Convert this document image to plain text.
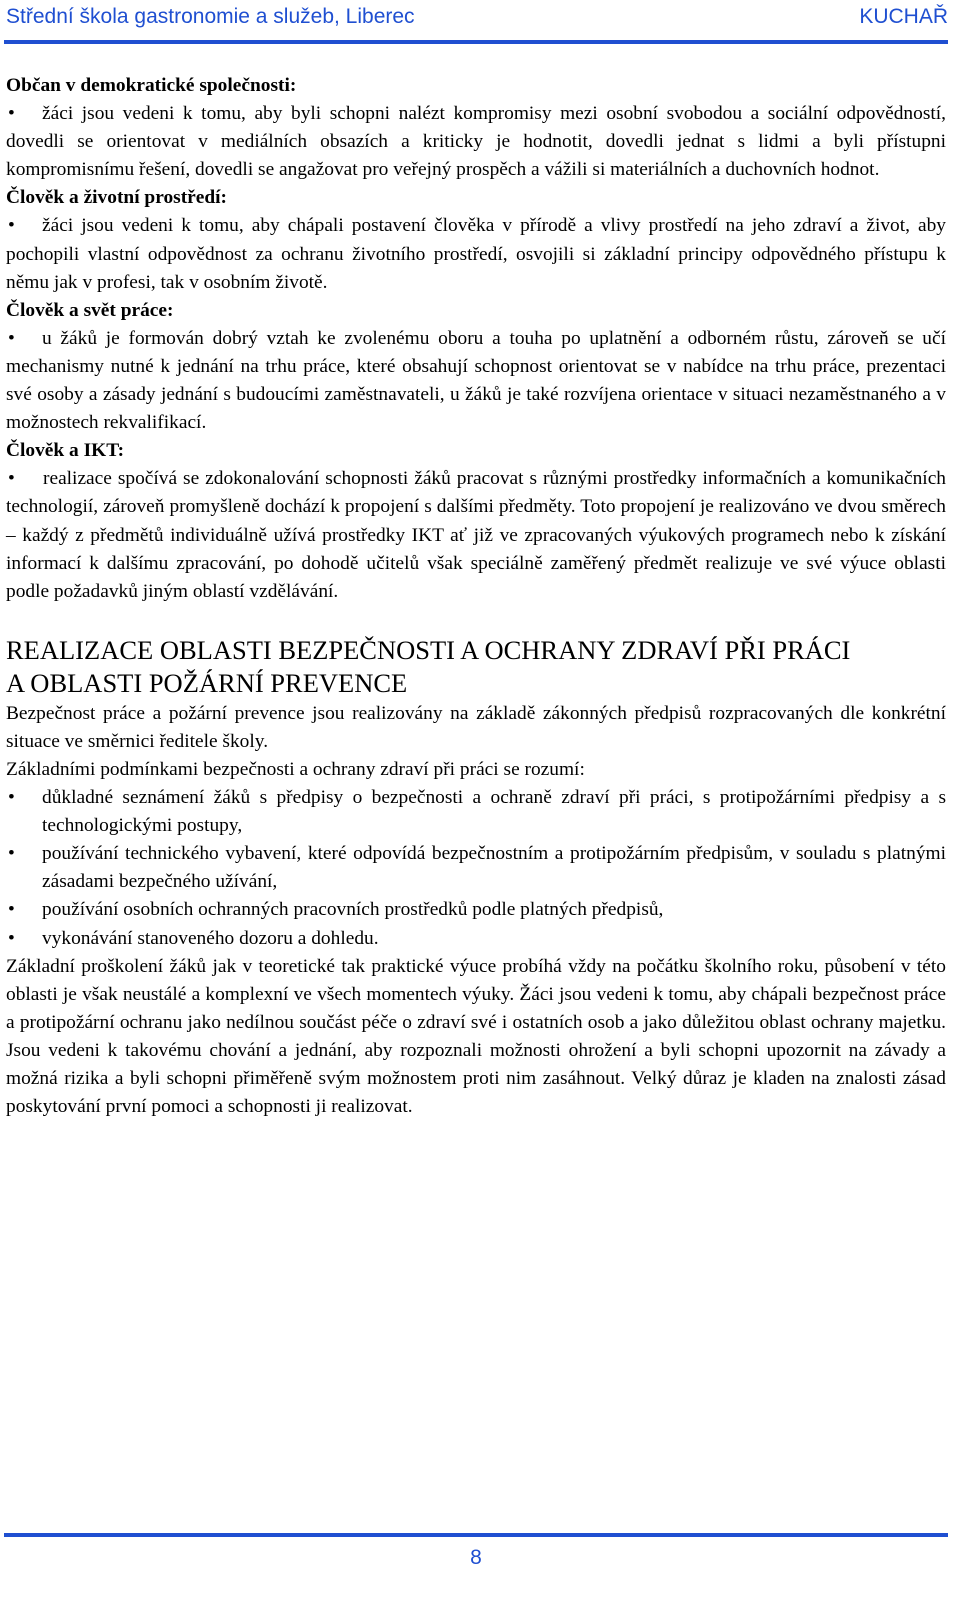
Střední škola gastronomie a služeb, Liberec	KUCHAŘ

Občan v demokratické společnosti:

• žáci jsou vedeni k tomu, aby byli schopni nalézt kompromisy mezi osobní svobodou a sociální odpovědností, dovedli se orientovat v mediálních obsazích a kriticky je hodnotit, dovedli jednat s lidmi a byli přístupni kompromisnímu řešení, dovedli se angažovat pro veřejný prospěch a vážili si materiálních a duchovních hodnot.

Člověk a životní prostředí:

• žáci jsou vedeni k tomu, aby chápali postavení člověka v přírodě a vlivy prostředí na jeho zdraví a život, aby pochopili vlastní odpovědnost za ochranu životního prostředí, osvojili si základní principy odpovědného přístupu k němu jak v profesi, tak v osobním životě.

Člověk a svět práce:

• u žáků je formován dobrý vztah ke zvolenému oboru a touha po uplatnění a odborném růstu, zároveň se učí mechanismy nutné k jednání na trhu práce, které obsahují schopnost orientovat se v nabídce na trhu práce, prezentaci své osoby a zásady jednání s budoucími zaměstnavateli, u žáků je také rozvíjena orientace v situaci nezaměstnaného a v možnostech rekvalifikací.

Člověk a IKT:

• realizace spočívá se zdokonalování schopnosti žáků pracovat s různými prostředky informačních a komunikačních technologií, zároveň promyšleně dochází k propojení s dalšími předměty. Toto propojení je realizováno ve dvou směrech – každý z předmětů individuálně užívá prostředky IKT ať již ve zpracovaných výukových programech nebo k získání informací k dalšímu zpracování, po dohodě učitelů však speciálně zaměřený předmět realizuje ve své výuce oblasti podle požadavků jiným oblastí vzdělávání.

REALIZACE OBLASTI BEZPEČNOSTI A OCHRANY ZDRAVÍ PŘI PRÁCI
A OBLASTI POŽÁRNÍ PREVENCE

Bezpečnost práce a požární prevence jsou realizovány na základě zákonných předpisů rozpracovaných dle konkrétní situace ve směrnici ředitele školy.

Základními podmínkami bezpečnosti a ochrany zdraví při práci se rozumí:

• důkladné seznámení žáků s předpisy o bezpečnosti a ochraně zdraví při práci, s protipožárními předpisy a s technologickými postupy,
• používání technického vybavení, které odpovídá bezpečnostním a protipožárním předpisům, v souladu s platnými zásadami bezpečného užívání,
• používání osobních ochranných pracovních prostředků podle platných předpisů,
• vykonávání stanoveného dozoru a dohledu.

Základní proškolení žáků jak v teoretické tak praktické výuce probíhá vždy na počátku školního roku, působení v této oblasti je však neustálé a komplexní ve všech momentech výuky. Žáci jsou vedeni k tomu, aby chápali bezpečnost práce a protipožární ochranu jako nedílnou součást péče o zdraví své i ostatních osob a jako důležitou oblast ochrany majetku. Jsou vedeni k takovému chování a jednání, aby rozpoznali možnosti ohrožení a byli schopni upozornit na závady a možná rizika a byli schopni přiměřeně svým možnostem proti nim zasáhnout. Velký důraz je kladen na znalosti zásad poskytování první pomoci a schopnosti ji realizovat.

8
